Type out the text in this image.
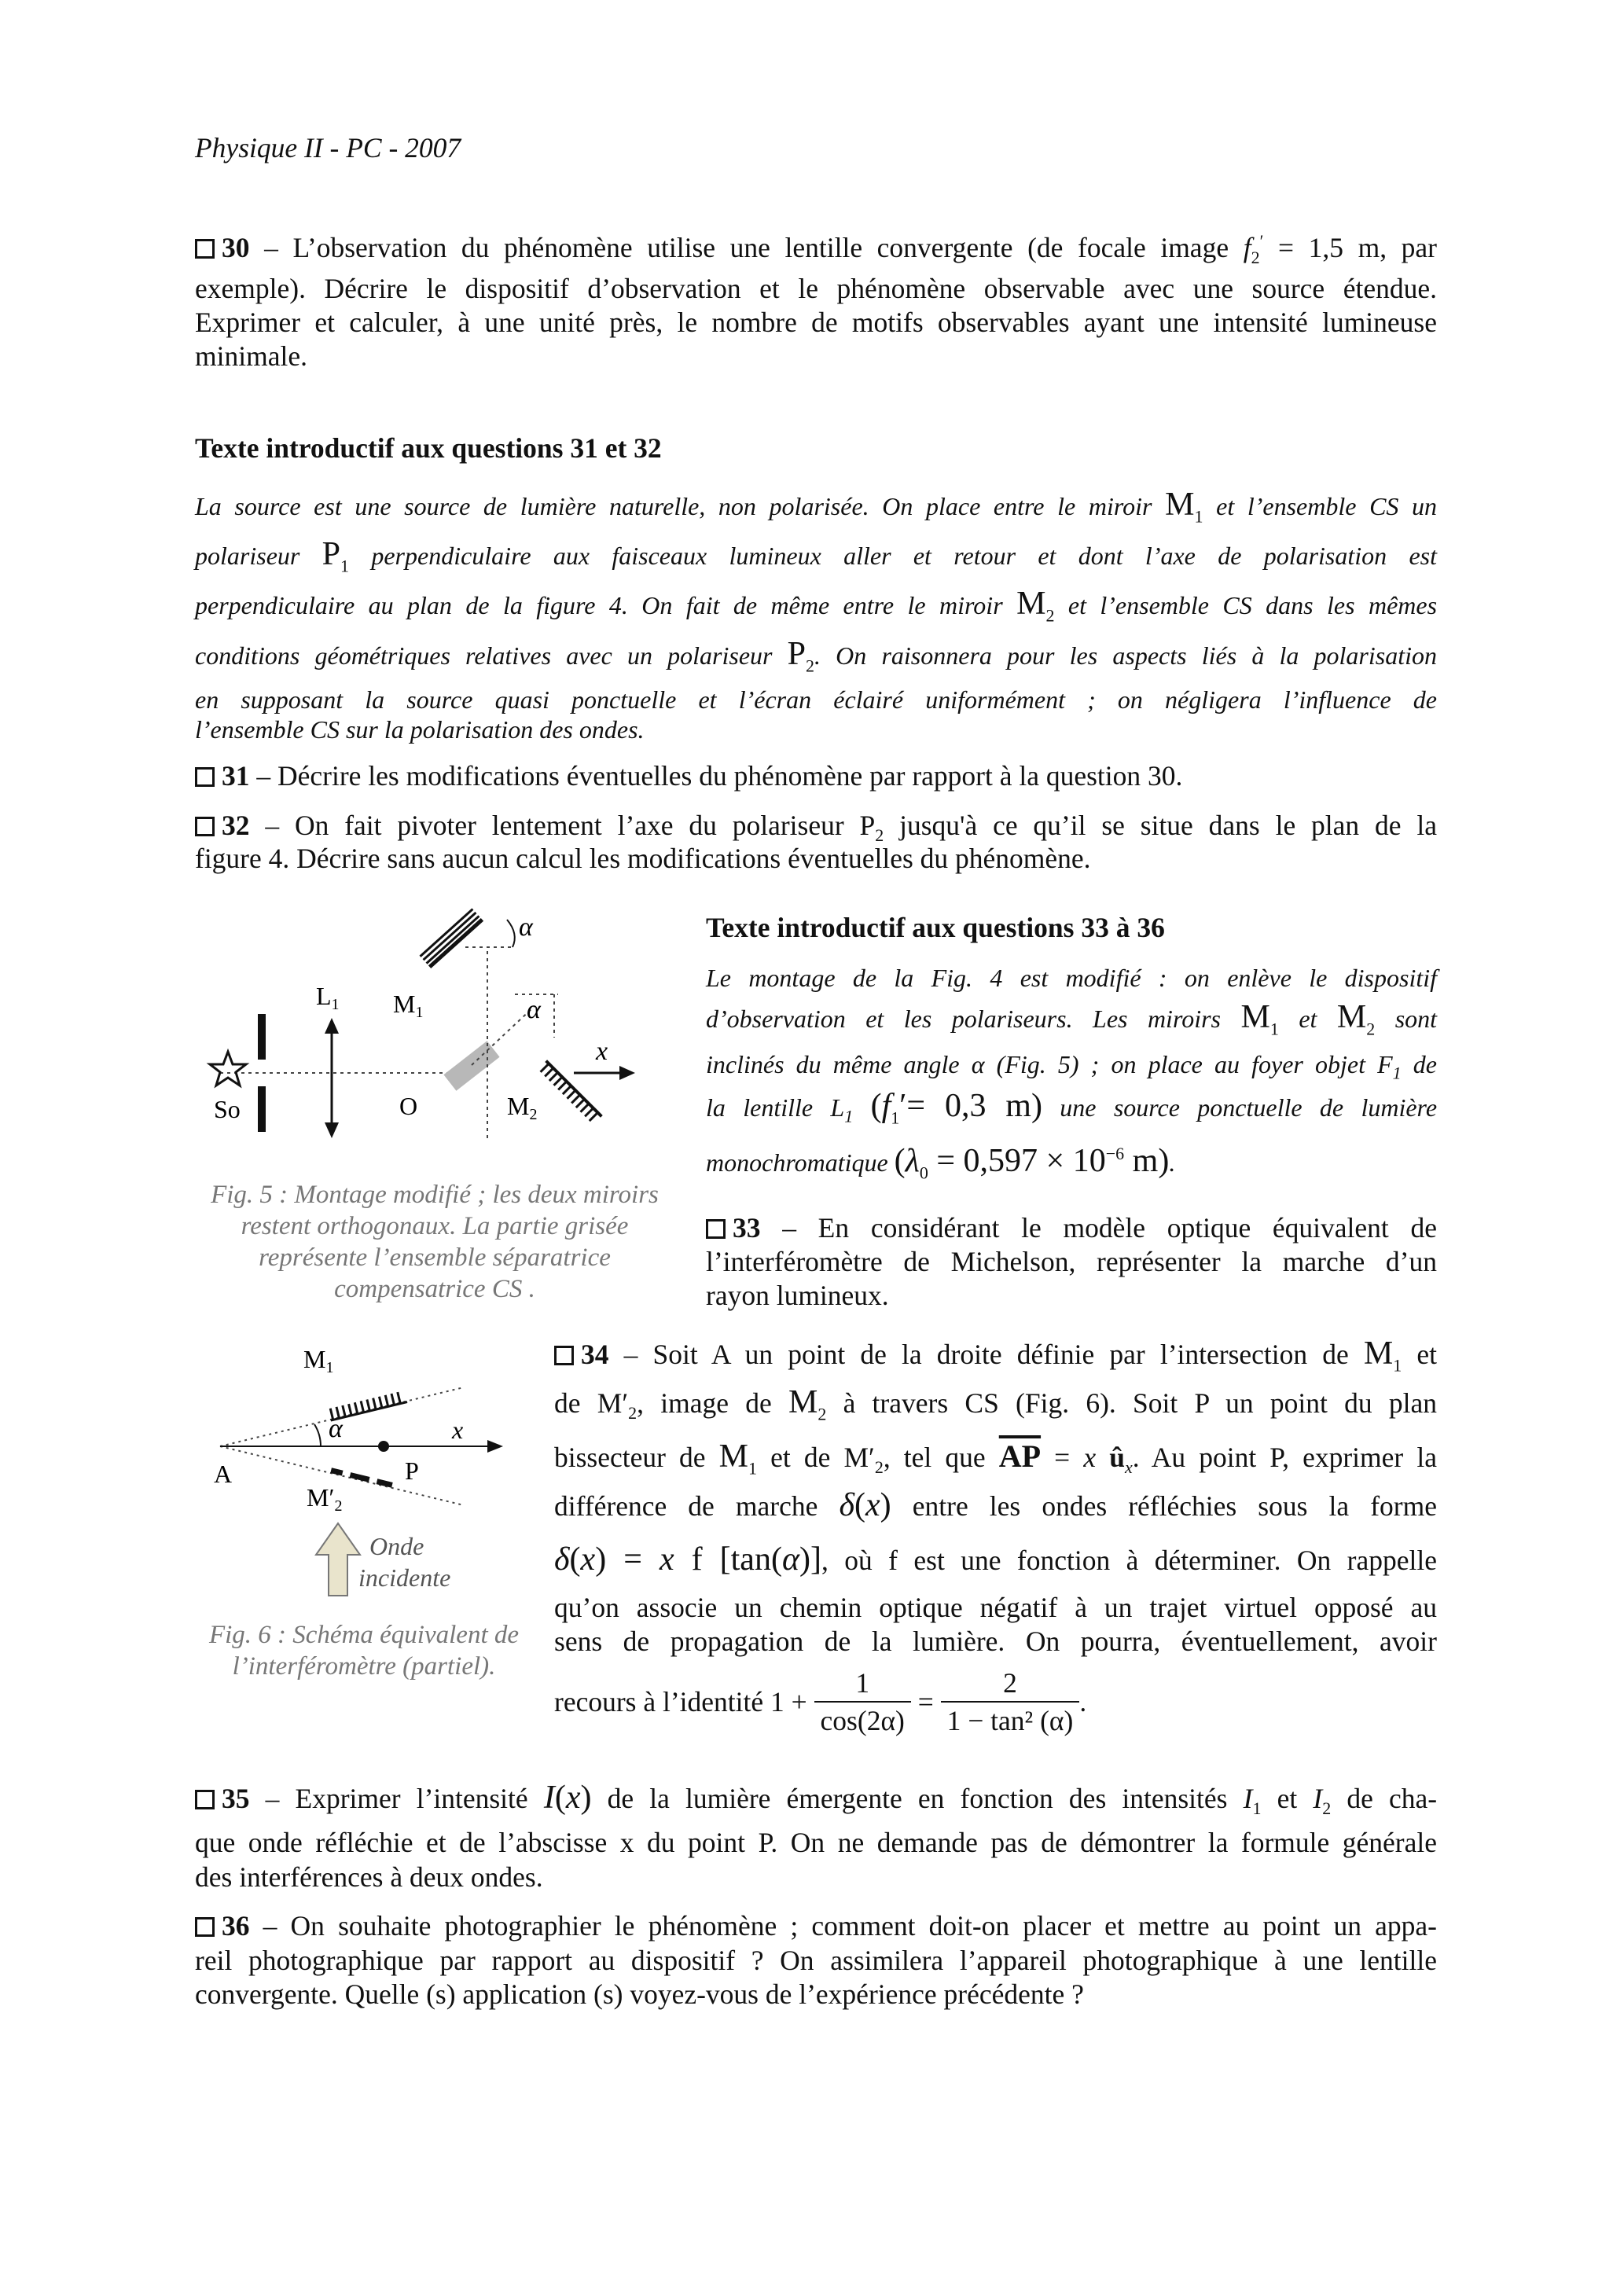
Physique II - PC - 2007
30 – L’observation du phénomène utilise une lentille convergente (de focale image $f_2' = 1,5$ m, par
exemple). Décrire le dispositif d’observation et le phénomène observable avec une source étendue.
Exprimer et calculer, à une unité près, le nombre de motifs observables ayant une intensité lumineuse
minimale.
Texte introductif aux questions 31 et 32
La source est une source de lumière naturelle, non polarisée. On place entre le miroir $M_1$ et l’ensemble CS un
polariseur $P_1$ perpendiculaire aux faisceaux lumineux aller et retour et dont l’axe de polarisation est
perpendiculaire au plan de la figure 4. On fait de même entre le miroir $M_2$ et l’ensemble CS dans les mêmes
conditions géométriques relatives avec un polariseur $P_2$. On raisonnera pour les aspects liés à la polarisation
en supposant la source quasi ponctuelle et l’écran éclairé uniformément ; on négligera l’influence de
l’ensemble CS sur la polarisation des ondes.
31 – Décrire les modifications éventuelles du phénomène par rapport à la question 30.
32 – On fait pivoter lentement l’axe du polariseur $P_2$ jusqu'à ce qu’il se situe dans le plan de la
figure 4. Décrire sans aucun calcul les modifications éventuelles du phénomène.
So
L1
O
M1
α
M2
α
x
Fig. 5 : Montage modifié ; les deux miroirs
restent orthogonaux. La partie grisée
représente l’ensemble séparatrice
compensatrice CS .
Texte introductif aux questions 33 à 36
Le montage de la Fig. 4 est modifié : on enlève le dispositif
d’observation et les polariseurs. Les miroirs $M_1$ et $M_2$ sont
inclinés du même angle α (Fig. 5) ; on place au foyer objet $F_1$ de
la lentille $L_1$ ($f_1'= 0,3$ m) une source ponctuelle de lumière
monochromatique ($\lambda_0 = 0,597 \times 10^{-6}$ m).
33 – En considérant le modèle optique équivalent de
l’interféromètre de Michelson, représenter la marche d’un
rayon lumineux.
M1
x
α
P
A
M′2
Onde
incidente
Fig. 6 : Schéma équivalent de
l’interféromètre (partiel).
34 – Soit A un point de la droite définie par l’intersection de $M_1$ et
de $M'_2$, image de $M_2$ à travers CS (Fig. 6). Soit P un point du plan
bissecteur de $M_1$ et de $M'_2$, tel que $\overline{AP} = x$ $û_x$. Au point P, exprimer la
différence de marche δ(x) entre les ondes réfléchies sous la forme
δ(x) = x f [tan(α)], où f est une fonction à déterminer. On rappelle
qu’on associe un chemin optique négatif à un trajet virtuel opposé au
sens de propagation de la lumière. On pourra, éventuellement, avoir
recours à l’identité $1 + \frac{1}{\cos(2\alpha)} = \frac{2}{\text{1 − tan² (α)}}$ .
35 – Exprimer l’intensité I(x) de la lumière émergente en fonction des intensités $I_1$ et $I_2$ de cha-
que onde réfléchie et de l’abscisse x du point P. On ne demande pas de démontrer la formule générale
des interférences à deux ondes.
36 – On souhaite photographier le phénomène ; comment doit-on placer et mettre au point un appa-
reil photographique par rapport au dispositif ? On assimilera l’appareil photographique à une lentille
convergente. Quelle (s) application (s) voyez-vous de l’expérience précédente ?
